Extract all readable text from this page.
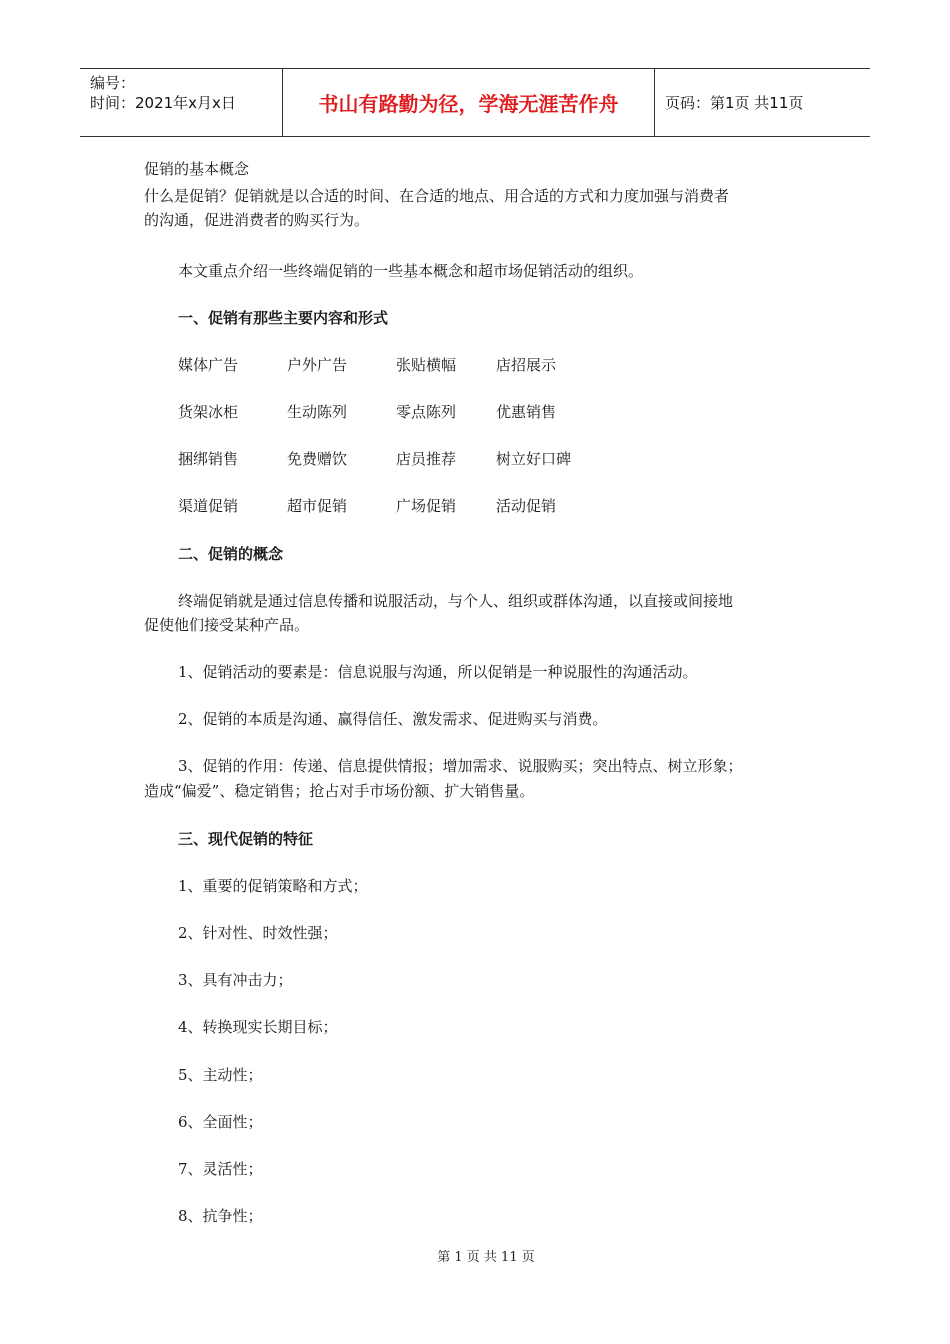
编号：
时间：2021年x月x日	书山有路勤为径，学海无涯苦作舟	页码：第1页 共11页
促销的基本概念
什么是促销？促销就是以合适的时间、在合适的地点、用合适的方式和力度加强与消费者
的沟通，促进消费者的购买行为。
本文重点介绍一些终端促销的一些基本概念和超市场促销活动的组织。
一、促销有那些主要内容和形式
媒体广告	户外广告	张贴横幅	店招展示
货架冰柜	生动陈列	零点陈列	优惠销售
捆绑销售	免费赠饮	店员推荐	树立好口碑
渠道促销	超市促销	广场促销	活动促销
二、促销的概念
终端促销就是通过信息传播和说服活动，与个人、组织或群体沟通，以直接或间接地
促使他们接受某种产品。
1、促销活动的要素是：信息说服与沟通，所以促销是一种说服性的沟通活动。
2、促销的本质是沟通、赢得信任、激发需求、促进购买与消费。
3、促销的作用：传递、信息提供情报；增加需求、说服购买；突出特点、树立形象；
造成“偏爱”、稳定销售；抢占对手市场份额、扩大销售量。
三、现代促销的特征
1、重要的促销策略和方式；
2、针对性、时效性强；
3、具有冲击力；
4、转换现实长期目标；
5、主动性；
6、全面性；
7、灵活性；
8、抗争性；
第 1 页 共 11 页
